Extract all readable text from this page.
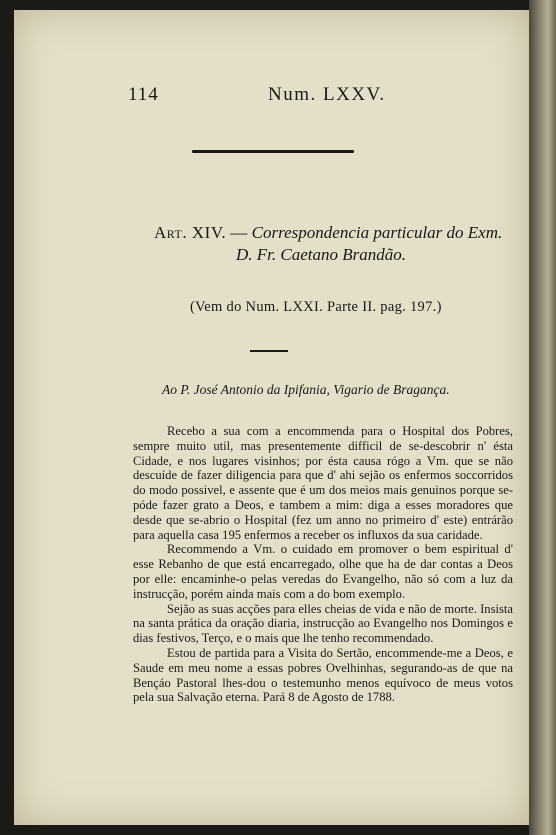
114	Num. LXXV.
Art. XIV. — Correspondencia particular do Exm.
D. Fr. Caetano Brandão.
(Vem do Num. LXXI. Parte II. pag. 197.)
Ao P. José Antonio da Ipifania, Vigario de Bragança.

Recebo a sua com a encommenda para o Hospital dos Pobres, sempre muito util, mas presentemente difficil de se-descobrir n' ésta Cidade, e nos lugares visinhos; por ésta causa rógo a Vm. que se não descuíde de fazer diligencia para que d' ahi sejão os enfermos soccorridos do modo possivel, e assente que é um dos meios mais genuinos porque se-póde fazer grato a Deos, e tambem a mim: diga a esses moradores que desde que se-abrio o Hospital (fez um anno no primeiro d' este) entrárão para aquella casa 195 enfermos a receber os influxos da sua caridade.

Recommendo a Vm. o cuidado em promover o bem espiritual d' esse Rebanho de que está encarregado, olhe que ha de dar contas a Deos por elle: encaminhe-o pelas veredas do Evangelho, não só com a luz da instrucção, porém ainda mais com a do bom exemplo.

Sejão as suas acções para elles cheias de vida e não de morte. Insista na santa prática da oração diaria, instrucção ao Evangelho nos Domingos e dias festivos, Terço, e o mais que lhe tenho recommendado.

Estou de partida para a Visita do Sertão, encommende-me a Deos, e Saude em meu nome a essas pobres Ovelhinhas, segurando-as de que na Bençáo Pastoral lhes-dou o testemunho menos equívoco de meus votos pela sua Salvação eterna. Pará 8 de Agosto de 1788.
